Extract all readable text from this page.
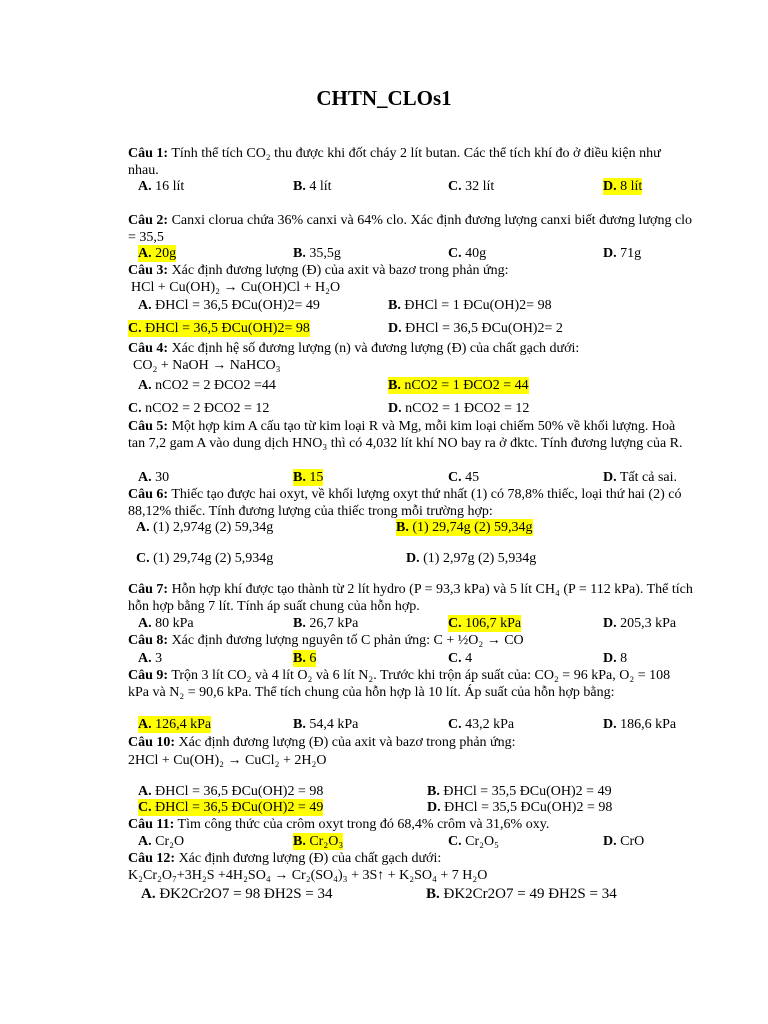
CHTN_CLOs1
Câu 1: Tính thể tích CO₂ thu được khi đốt cháy 2 lít butan. Các thể tích khí đo ở điều kiện như nhau.
A. 16 lít	B. 4 lít	C. 32 lít	D. 8 lít
Câu 2: Canxi clorua chứa 36% canxi và 64% clo. Xác định đương lượng canxi biết đương lượng clo = 35,5
A. 20g	B. 35,5g	C. 40g	D. 71g
Câu 3: Xác định đương lượng (Đ) của axit và bazơ trong phản ứng:
HCl + Cu(OH)₂ → Cu(OH)Cl + H₂O
A. ĐHCl = 36,5 ĐCu(OH)2= 49	B. ĐHCl = 1 ĐCu(OH)2= 98
C. ĐHCl = 36,5 ĐCu(OH)2= 98	D. ĐHCl = 36,5 ĐCu(OH)2= 2
Câu 4: Xác định hệ số đương lượng (n) và đương lượng (Đ) của chất gạch dưới:
CO₂ + NaOH → NaHCO₃
A. nCO2 = 2 ĐCO2 =44	B. nCO2 = 1 ĐCO2 = 44
C. nCO2 = 2 ĐCO2 = 12	D. nCO2 = 1 ĐCO2 = 12
Câu 5: Một hợp kim A cấu tạo từ kim loại R và Mg, mỗi kim loại chiếm 50% về khối lượng. Hoà tan 7,2 gam A vào dung dịch HNO₃ thì có 4,032 lít khí NO bay ra ở đktc. Tính đương lượng của R.
A. 30	B. 15	C. 45	D. Tất cả sai.
Câu 6: Thiếc tạo được hai oxyt, về khối lượng oxyt thứ nhất (1) có 78,8% thiếc, loại thứ hai (2) có 88,12% thiếc. Tính đương lượng của thiếc trong mỗi trường hợp:
A. (1) 2,974g (2) 59,34g	B. (1) 29,74g (2) 59,34g
C. (1) 29,74g (2) 5,934g	D. (1) 2,97g (2) 5,934g
Câu 7: Hỗn hợp khí được tạo thành từ 2 lít hydro (P = 93,3 kPa) và 5 lít CH₄ (P = 112 kPa). Thể tích hỗn hợp bằng 7 lít. Tính áp suất chung của hỗn hợp.
A. 80 kPa	B. 26,7 kPa	C. 106,7 kPa	D. 205,3 kPa
Câu 8: Xác định đương lượng nguyên tố C phản ứng: C + ½O₂ → CO
A. 3	B. 6	C. 4	D. 8
Câu 9: Trộn 3 lít CO₂ và 4 lít O₂ và 6 lít N₂. Trước khi trộn áp suất của: CO₂ = 96 kPa, O₂ = 108 kPa và N₂ = 90,6 kPa. Thể tích chung của hỗn hợp là 10 lít. Áp suất của hỗn hợp bằng:
A. 126,4 kPa	B. 54,4 kPa	C. 43,2 kPa	D. 186,6 kPa
Câu 10: Xác định đương lượng (Đ) của axit và bazơ trong phản ứng:
2HCl + Cu(OH)₂ → CuCl₂ + 2H₂O
A. ĐHCl = 36,5 ĐCu(OH)2 = 98	B. ĐHCl = 35,5 ĐCu(OH)2 = 49
C. ĐHCl = 36,5 ĐCu(OH)2 = 49	D. ĐHCl = 35,5 ĐCu(OH)2 = 98
Câu 11: Tìm công thức của crôm oxyt trong đó 68,4% crôm và 31,6% oxy.
A. Cr₂O	B. Cr₂O₃	C. Cr₂O₅	D. CrO
Câu 12: Xác định đương lượng (Đ) của chất gạch dưới:
K₂Cr₂O₇+3H₂S +4H₂SO₄ → Cr₂(SO₄)₃ + 3S↑ + K₂SO₄ + 7 H₂O
A. ĐK2Cr2O7 = 98 ĐH2S = 34	B. ĐK2Cr2O7 = 49 ĐH2S = 34
